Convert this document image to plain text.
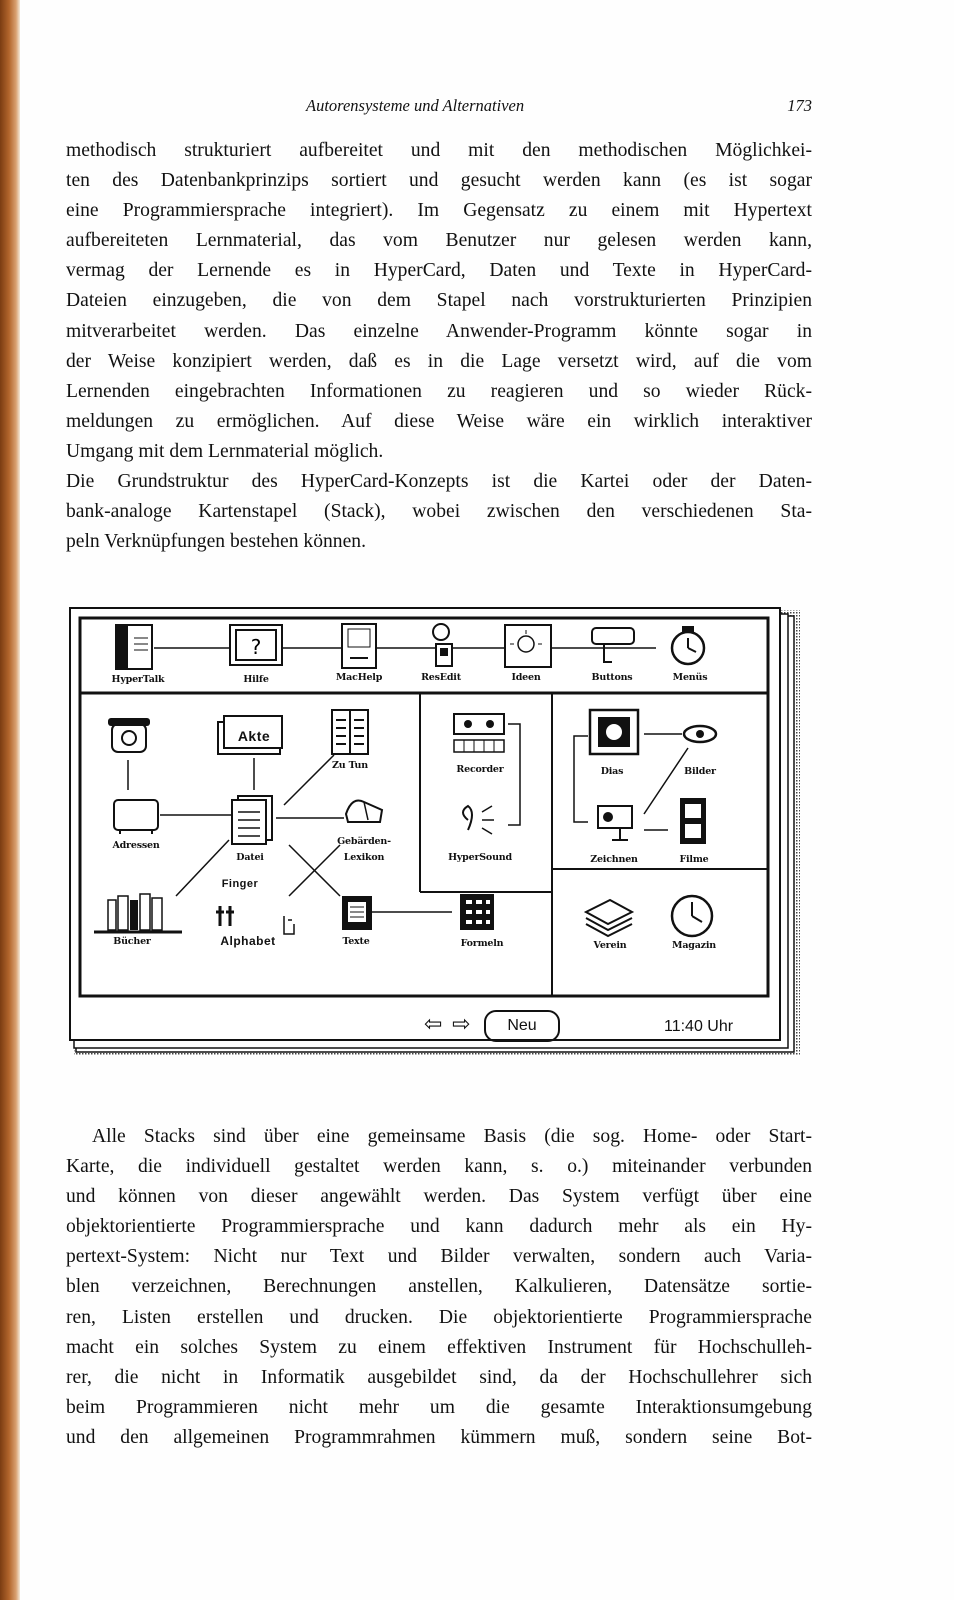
Autorensysteme und Alternativen	173
methodisch strukturiert aufbereitet und mit den methodischen Möglichkei-
ten des Datenbankprinzips sortiert und gesucht werden kann (es ist sogar
eine Programmiersprache integriert). Im Gegensatz zu einem mit Hypertext
aufbereiteten Lernmaterial, das vom Benutzer nur gelesen werden kann,
vermag der Lernende es in HyperCard, Daten und Texte in HyperCard-
Dateien einzugeben, die von dem Stapel nach vorstrukturierten Prinzipien
mitverarbeitet werden. Das einzelne Anwender-Programm könnte sogar in
der Weise konzipiert werden, daß es in die Lage versetzt wird, auf die vom
Lernenden eingebrachten Informationen zu reagieren und so wieder Rück-
meldungen zu ermöglichen. Auf diese Weise wäre ein wirklich interaktiver
Umgang mit dem Lernmaterial möglich.
Die Grundstruktur des HyperCard-Konzepts ist die Kartei oder der Daten-
bank-analoge Kartenstapel (Stack), wobei zwischen den verschiedenen Sta-
peln Verknüpfungen bestehen können.
?
HyperTalk	Hilfe	MacHelp	ResEdit	Ideen	Buttons	Menüs
Akte
Zu Tun
Adressen
Datei
Gebärden-
Lexikon
Finger
Bücher	Alphabet	Texte
Recorder
HyperSound
Formeln
Dias	Bilder
Zeichnen	Filme
Verein	Magazin
⇦ ⇨	Neu	11:40 Uhr
Alle Stacks sind über eine gemeinsame Basis (die sog. Home- oder Start-
Karte, die individuell gestaltet werden kann, s. o.) miteinander verbunden
und können von dieser angewählt werden. Das System verfügt über eine
objektorientierte Programmiersprache und kann dadurch mehr als ein Hy-
pertext-System: Nicht nur Text und Bilder verwalten, sondern auch Varia-
blen verzeichnen, Berechnungen anstellen, Kalkulieren, Datensätze sortie-
ren, Listen erstellen und drucken. Die objektorientierte Programmiersprache
macht ein solches System zu einem effektiven Instrument für Hochschulleh-
rer, die nicht in Informatik ausgebildet sind, da der Hochschullehrer sich
beim Programmieren nicht mehr um die gesamte Interaktionsumgebung
und den allgemeinen Programmrahmen kümmern muß, sondern seine Bot-
